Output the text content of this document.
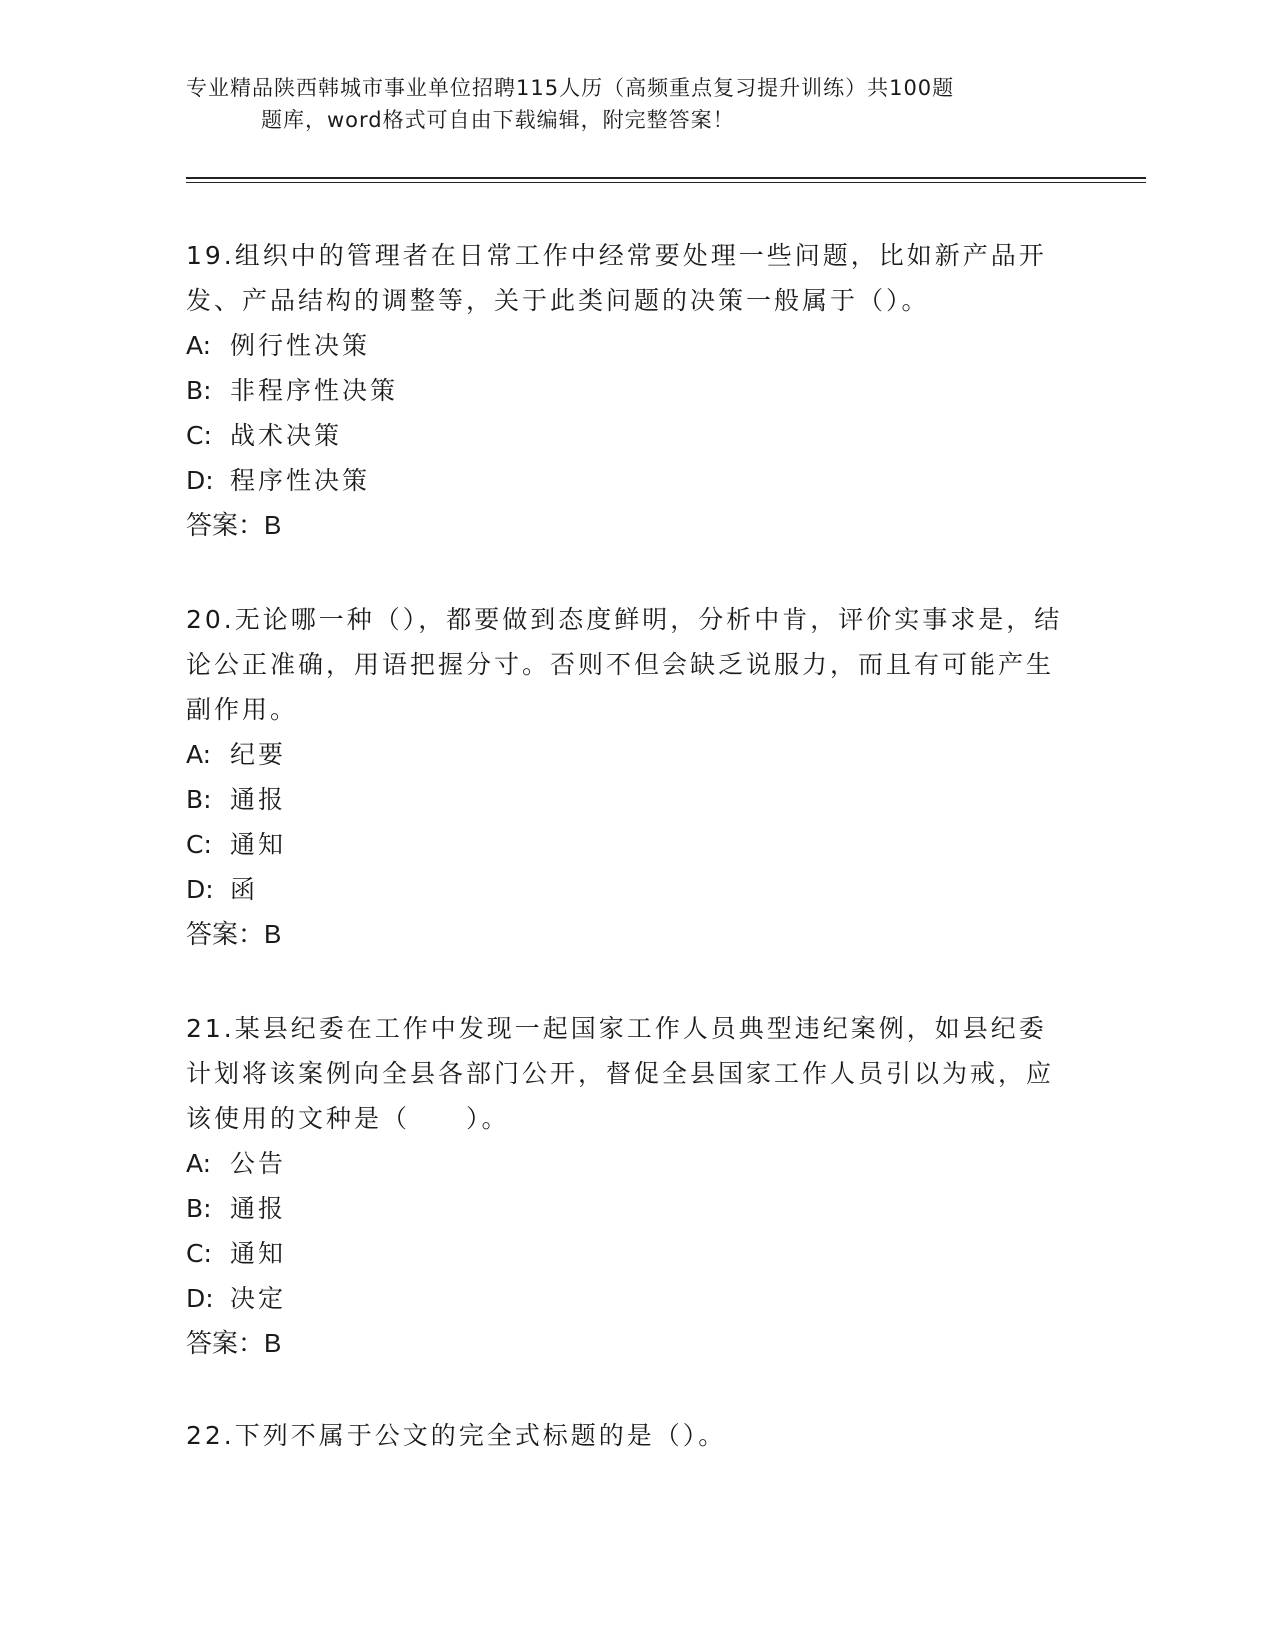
专业精品陕西韩城市事业单位招聘115人历（高频重点复习提升训练）共100题
题库，word格式可自由下载编辑，附完整答案！

19.组织中的管理者在日常工作中经常要处理一些问题，比如新产品开发、产品结构的调整等，关于此类问题的决策一般属于（）。

A: 例行性决策

B: 非程序性决策

C: 战术决策

D: 程序性决策

答案：B

20.无论哪一种（），都要做到态度鲜明，分析中肯，评价实事求是，结论公正准确，用语把握分寸。否则不但会缺乏说服力，而且有可能产生副作用。

A: 纪要

B: 通报

C: 通知

D: 函

答案：B

21.某县纪委在工作中发现一起国家工作人员典型违纪案例，如县纪委计划将该案例向全县各部门公开，督促全县国家工作人员引以为戒，应该使用的文种是（　　）。

A: 公告

B: 通报

C: 通知

D: 决定

答案：B

22.下列不属于公文的完全式标题的是（）。
